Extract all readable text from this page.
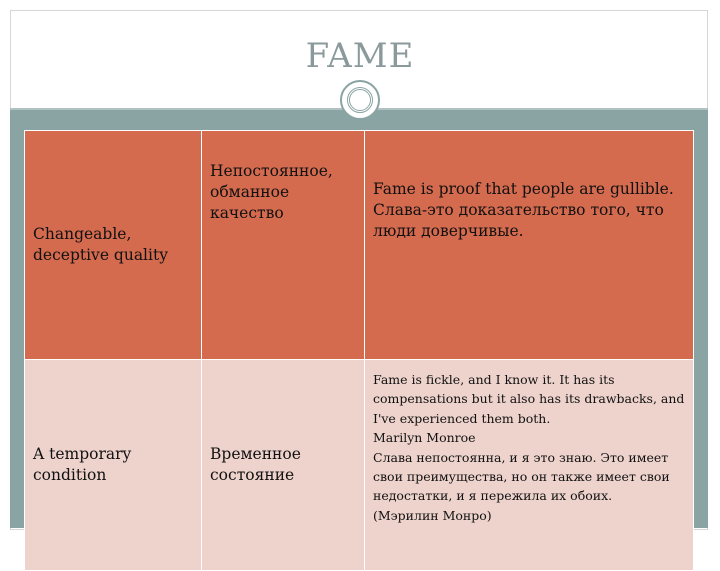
FAME
Changeable, deceptive quality	Непостоянное, обманное качество	Fame is proof that people are gullible.
Слава-это доказательство того, что люди доверчивые.

A temporary condition	Временное состояние	Fame is fickle, and I know it. It has its compensations but it also has its drawbacks, and I've experienced them both.
Marilyn Monroe
Слава непостоянна, и я это знаю. Это имеет свои преимущества, но он также имеет свои недостатки, и я пережила их обоих.
(Мэрилин Монро)
